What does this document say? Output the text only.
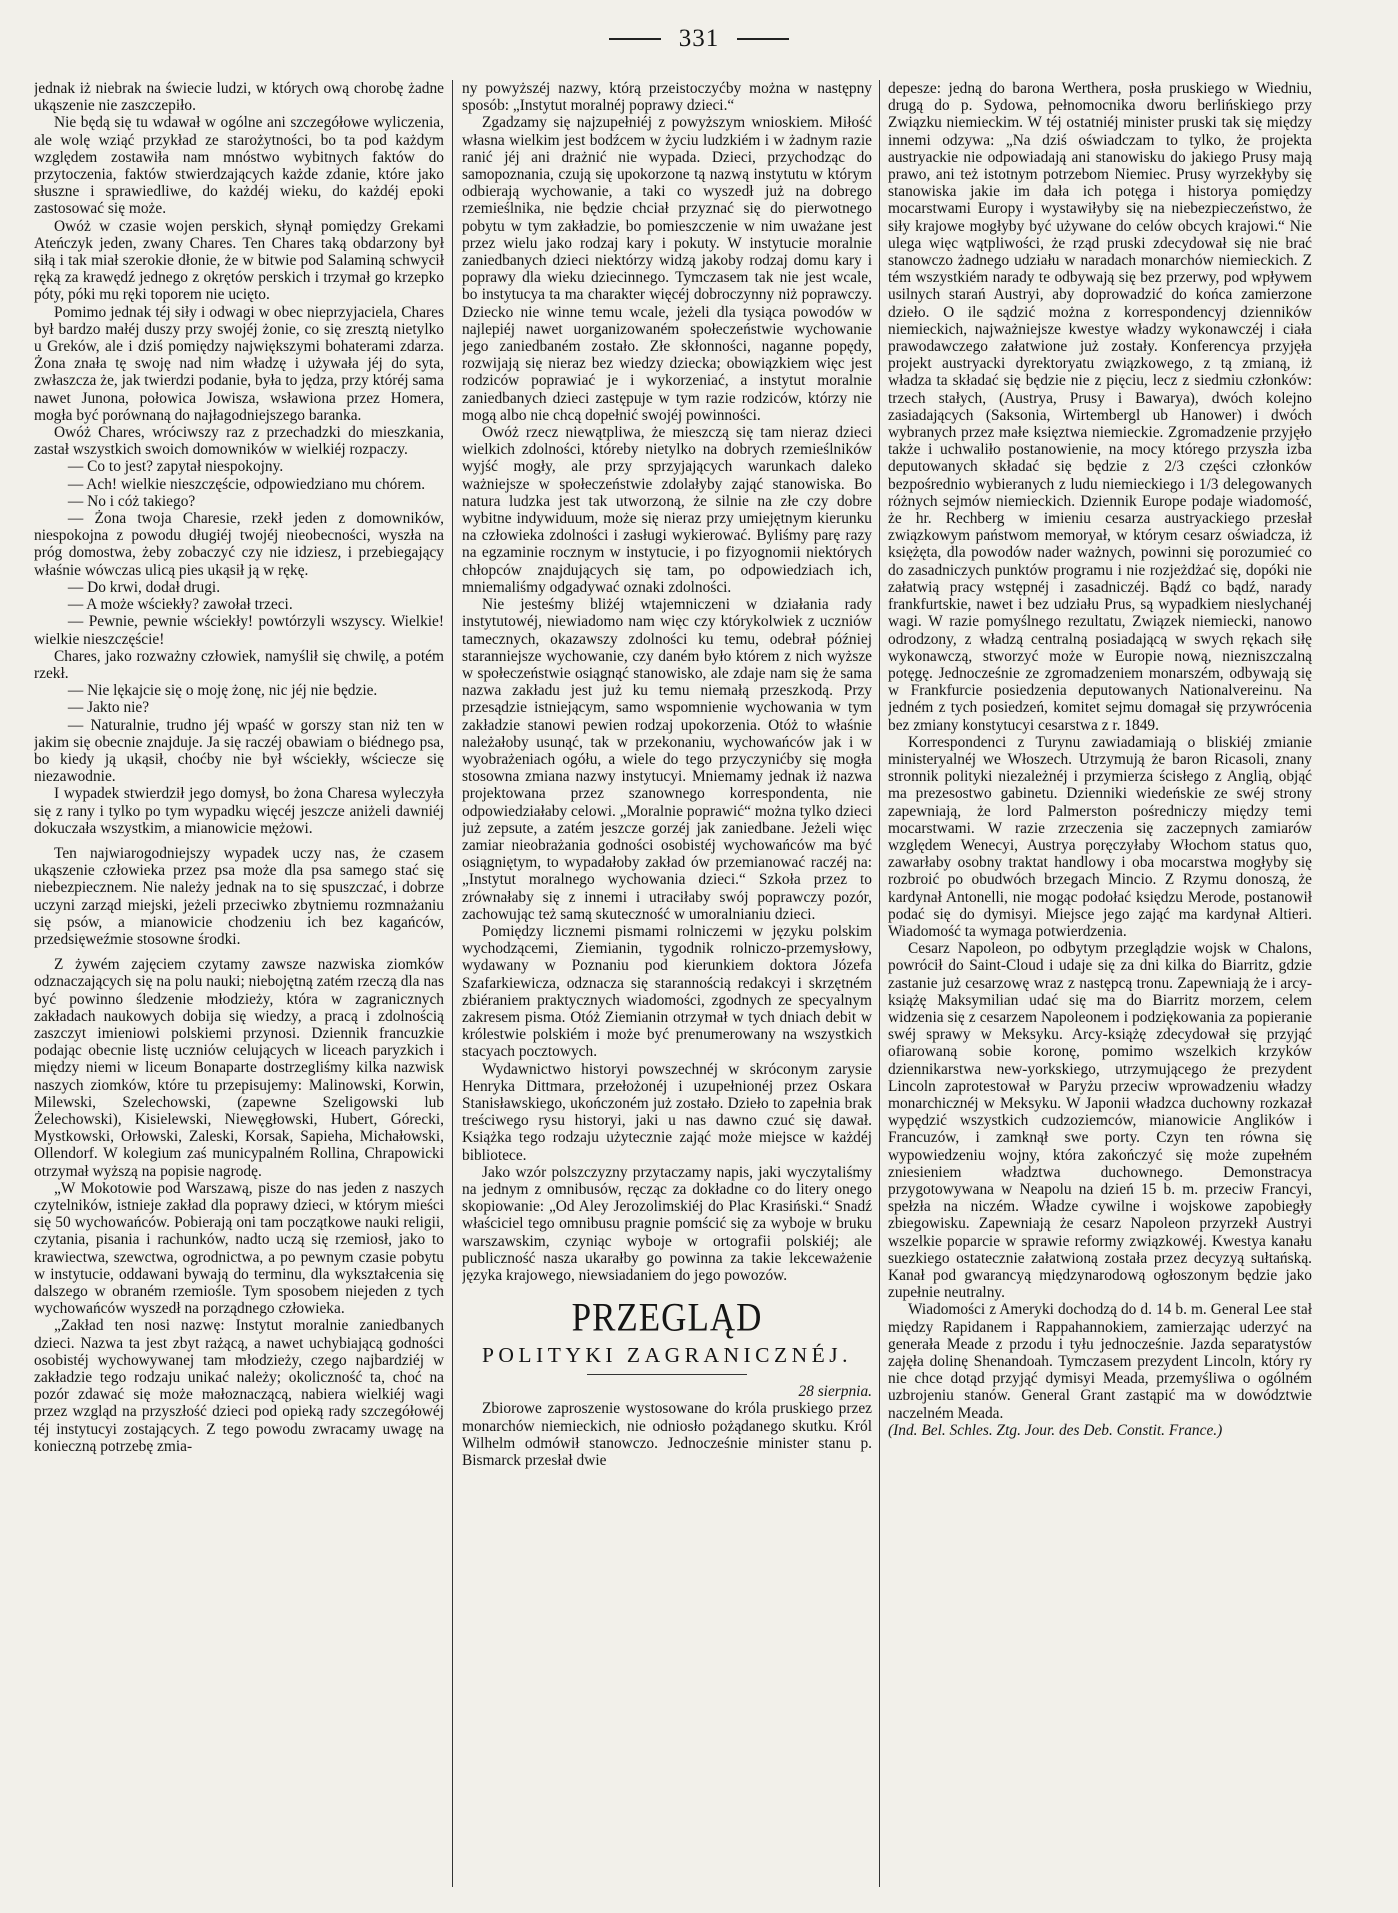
331

jednak iż niebrak na świecie ludzi, w których ową chorobę żadne ukąszenie nie zaszczepiło.

Nie będą się tu wdawał w ogólne ani szczegółowe wyliczenia, ale wolę wziąć przykład ze starożytności, bo ta pod każdym względem zostawiła nam mnóstwo wybitnych faktów do przytoczenia, faktów stwierdzających każde zdanie, które jako słuszne i sprawiedliwe, do każdéj wieku, do każdéj epoki zastosować się może.

Owóż w czasie wojen perskich, słynął pomiędzy Grekami Ateńczyk jeden, zwany Chares. Ten Chares taką obdarzony był siłą i tak miał szerokie dłonie, że w bitwie pod Salaminą schwycił ręką za krawędź jednego z okrętów perskich i trzymał go krzepko póty, póki mu ręki toporem nie ucięto.

Pomimo jednak téj siły i odwagi w obec nieprzyjaciela, Chares był bardzo małéj duszy przy swojéj żonie, co się zresztą nietylko u Greków, ale i dziś pomiędzy największymi bohaterami zdarza. Żona znała tę swoję nad nim władzę i używała jéj do syta, zwłaszcza że, jak twierdzi podanie, była to jędza, przy któréj sama nawet Junona, połowica Jowisza, wsławiona przez Homera, mogła być porównaną do najłagodniejszego baranka.

Owóż Chares, wróciwszy raz z przechadzki do mieszkania, zastał wszystkich swoich domowników w wielkiéj rozpaczy.

— Co to jest? zapytał niespokojny.

— Ach! wielkie nieszczęście, odpowiedziano mu chórem.

— No i cóż takiego?

— Żona twoja Charesie, rzekł jeden z domowników, niespokojna z powodu długiéj twojéj nieobecności, wyszła na próg domostwa, żeby zobaczyć czy nie idziesz, i przebiegający właśnie wówczas ulicą pies ukąsił ją w rękę.

— Do krwi, dodał drugi.

— A może wściekły? zawołał trzeci.

— Pewnie, pewnie wściekły! powtórzyli wszyscy. Wielkie! wielkie nieszczęście!

Chares, jako rozważny człowiek, namyślił się chwilę, a potém rzekł.

— Nie lękajcie się o moję żonę, nic jéj nie będzie.

— Jakto nie?

— Naturalnie, trudno jéj wpaść w gorszy stan niż ten w jakim się obecnie znajduje. Ja się raczéj obawiam o biédnego psa, bo kiedy ją ukąsił, choćby nie był wściekły, wściecze się niezawodnie.

I wypadek stwierdził jego domysł, bo żona Charesa wyleczyła się z rany i tylko po tym wypadku więcéj jeszcze aniżeli dawniéj dokuczała wszystkim, a mianowicie mężowi.

Ten najwiarogodniejszy wypadek uczy nas, że czasem ukąszenie człowieka przez psa może dla psa samego stać się niebezpiecznem. Nie należy jednak na to się spuszczać, i dobrze uczyni zarząd miejski, jeżeli przeciwko zbytniemu rozmnażaniu się psów, a mianowicie chodzeniu ich bez kagańców, przedsięweźmie stosowne środki.

Z żywém zajęciem czytamy zawsze nazwiska ziomków odznaczających się na polu nauki; niebojętną zatém rzeczą dla nas być powinno śledzenie młodzieży, która w zagranicznych zakładach naukowych dobija się wiedzy, a pracą i zdolnością zaszczyt imieniowi polskiemi przynosi. Dziennik francuzkie podając obecnie listę uczniów celujących w liceach paryzkich i między niemi w liceum Bonaparte dostrzegliśmy kilka nazwisk naszych ziomków, które tu przepisujemy: Malinowski, Korwin, Milewski, Szelechowski, (zapewne Szeligowski lub Żelechowski), Kisielewski, Niewęgłowski, Hubert, Górecki, Mystkowski, Orłowski, Zaleski, Korsak, Sapieha, Michałowski, Ollendorf. W kolegium zaś municypalném Rollina, Chrapowicki otrzymał wyższą na popisie nagrodę.

„W Mokotowie pod Warszawą, pisze do nas jeden z naszych czytelników, istnieje zakład dla poprawy dzieci, w którym mieści się 50 wychowańców. Pobierają oni tam początkowe nauki religii, czytania, pisania i rachunków, nadto uczą się rzemiosł, jako to krawiectwa, szewctwa, ogrodnictwa, a po pewnym czasie pobytu w instytucie, oddawani bywają do terminu, dla wykształcenia się dalszego w obraném rzemiośle. Tym sposobem niejeden z tych wychowańców wyszedł na porządnego człowieka.

„Zakład ten nosi nazwę: Instytut moralnie zaniedbanych dzieci. Nazwa ta jest zbyt rażącą, a nawet uchybiającą godności osobistéj wychowywanej tam młodzieży, czego najbardziéj w zakładzie tego rodzaju unikać należy; okoliczność ta, choć na pozór zdawać się może małoznaczącą, nabiera wielkiéj wagi przez wzgląd na przyszłość dzieci pod opieką rady szczegółowéj téj instytucyi zostających. Z tego powodu zwracamy uwagę na konieczną potrzebę zmia-

ny powyższéj nazwy, którą przeistoczyćby można w następny sposób: „Instytut moralnéj poprawy dzieci.“

Zgadzamy się najzupełniéj z powyższym wnioskiem. Miłość własna wielkim jest bodźcem w życiu ludzkiém i w żadnym razie ranić jéj ani drażnić nie wypada. Dzieci, przychodząc do samopoznania, czują się upokorzone tą nazwą instytutu w którym odbierają wychowanie, a taki co wyszedł już na dobrego rzemieślnika, nie będzie chciał przyznać się do pierwotnego pobytu w tym zakładzie, bo pomieszczenie w nim uważane jest przez wielu jako rodzaj kary i pokuty. W instytucie moralnie zaniedbanych dzieci niektórzy widzą jakoby rodzaj domu kary i poprawy dla wieku dziecinnego. Tymczasem tak nie jest wcale, bo instytucya ta ma charakter więcéj dobroczynny niż poprawczy. Dziecko nie winne temu wcale, jeżeli dla tysiąca powodów w najlepiéj nawet uorganizowaném społeczeństwie wychowanie jego zaniedbaném zostało. Złe skłonności, naganne popędy, rozwijają się nieraz bez wiedzy dziecka; obowiązkiem więc jest rodziców poprawiać je i wykorzeniać, a instytut moralnie zaniedbanych dzieci zastępuje w tym razie rodziców, którzy nie mogą albo nie chcą dopełnić swojéj powinności.

Owóż rzecz niewątpliwa, że mieszczą się tam nieraz dzieci wielkich zdolności, któreby nietylko na dobrych rzemieślników wyjść mogły, ale przy sprzyjających warunkach daleko ważniejsze w społeczeństwie zdolałyby zająć stanowiska. Bo natura ludzka jest tak utworzoną, że silnie na złe czy dobre wybitne indywiduum, może się nieraz przy umiejętnym kierunku na człowieka zdolności i zasługi wykierować. Byliśmy parę razy na egzaminie rocznym w instytucie, i po fizyognomii niektórych chłopców znajdujących się tam, po odpowiedziach ich, mniemaliśmy odgadywać oznaki zdolności.

Nie jesteśmy bliżéj wtajemniczeni w działania rady instytutowéj, niewiadomo nam więc czy którykolwiek z uczniów tamecznych, okazawszy zdolności ku temu, odebrał później staranniejsze wychowanie, czy daném było którem z nich wyższe w społeczeństwie osiągnąć stanowisko, ale zdaje nam się że sama nazwa zakładu jest już ku temu niemałą przeszkodą. Przy przesądzie istniejącym, samo wspomnienie wychowania w tym zakładzie stanowi pewien rodzaj upokorzenia. Otóż to właśnie należałoby usunąć, tak w przekonaniu, wychowańców jak i w wyobrażeniach ogółu, a wiele do tego przyczynićby się mogła stosowna zmiana nazwy instytucyi. Mniemamy jednak iż nazwa projektowana przez szanownego korrespondenta, nie odpowiedziałaby celowi. „Moralnie poprawić“ można tylko dzieci już zepsute, a zatém jeszcze gorzéj jak zaniedbane. Jeżeli więc zamiar nieobrażania godności osobistéj wychowańców ma być osiągniętym, to wypadałoby zakład ów przemianować raczéj na: „Instytut moralnego wychowania dzieci.“ Szkoła przez to zrównałaby się z innemi i utraciłaby swój poprawczy pozór, zachowując też samą skuteczność w umoralnianiu dzieci.

Pomiędzy licznemi pismami rolniczemi w języku polskim wychodzącemi, Ziemianin, tygodnik rolniczo-przemysłowy, wydawany w Poznaniu pod kierunkiem doktora Józefa Szafarkiewicza, odznacza się starannością redakcyi i skrzętném zbiéraniem praktycznych wiadomości, zgodnych ze specyalnym zakresem pisma. Otóż Ziemianin otrzymał w tych dniach debit w królestwie polskiém i może być prenumerowany na wszystkich stacyach pocztowych.

Wydawnictwo historyi powszechnéj w skróconym zarysie Henryka Dittmara, przełożonéj i uzupełnionéj przez Oskara Stanisławskiego, ukończoném już zostało. Dzieło to zapełnia brak treściwego rysu historyi, jaki u nas dawno czuć się dawał. Książka tego rodzaju użytecznie zająć może miejsce w każdéj bibliotece.

Jako wzór polszczyzny przytaczamy napis, jaki wyczytaliśmy na jednym z omnibusów, ręcząc za dokładne co do litery onego skopiowanie: „Od Aley Jerozolimskiéj do Plac Krasiński.“ Snadź właściciel tego omnibusu pragnie pomścić się za wyboje w bruku warszawskim, czyniąc wyboje w ortografii polskiéj; ale publiczność nasza ukarałby go powinna za takie lekceważenie języka krajowego, niewsiadaniem do jego powozów.

PRZEGLĄD
POLITYKI ZAGRANICZNÉJ.

28 sierpnia.

Zbiorowe zaproszenie wystosowane do króla pruskiego przez monarchów niemieckich, nie odniosło pożądanego skutku. Król Wilhelm odmówił stanowczo. Jednocześnie minister stanu p. Bismarck przesłał dwie

depesze: jedną do barona Werthera, posła pruskiego w Wiedniu, drugą do p. Sydowa, pełnomocnika dworu berlińskiego przy Związku niemieckim. W téj ostatniéj minister pruski tak się między innemi odzywa: „Na dziś oświadczam to tylko, że projekta austryackie nie odpowiadają ani stanowisku do jakiego Prusy mają prawo, ani też istotnym potrzebom Niemiec. Prusy wyrzekłyby się stanowiska jakie im dała ich potęga i historya pomiędzy mocarstwami Europy i wystawiłyby się na niebezpieczeństwo, że siły krajowe mogłyby być używane do celów obcych krajowi.“ Nie ulega więc wątpliwości, że rząd pruski zdecydował się nie brać stanowczo żadnego udziału w naradach monarchów niemieckich. Z tém wszystkiém narady te odbywają się bez przerwy, pod wpływem usilnych starań Austryi, aby doprowadzić do końca zamierzone dzieło. O ile sądzić można z korrespondencyj dzienników niemieckich, najważniejsze kwestye władzy wykonawczéj i ciała prawodawczego załatwione już zostały. Konferencya przyjęła projekt austryacki dyrektoryatu związkowego, z tą zmianą, iż władza ta składać się będzie nie z pięciu, lecz z siedmiu członków: trzech stałych, (Austrya, Prusy i Bawarya), dwóch kolejno zasiadających (Saksonia, Wirtembergl ub Hanower) i dwóch wybranych przez małe księztwa niemieckie. Zgromadzenie przyjęło także i uchwaliło postanowienie, na mocy którego przyszła izba deputowanych składać się będzie z 2/3 części członków bezpośrednio wybieranych z ludu niemieckiego i 1/3 delegowanych różnych sejmów niemieckich. Dziennik Europe podaje wiadomość, że hr. Rechberg w imieniu cesarza austryackiego przesłał związkowym państwom memoryał, w którym cesarz oświadcza, iż księżęta, dla powodów nader ważnych, powinni się porozumieć co do zasadniczych punktów programu i nie rozjeżdżać się, dopóki nie załatwią pracy wstępnéj i zasadniczéj. Bądź co bądź, narady frankfurtskie, nawet i bez udziału Prus, są wypadkiem nieslychanéj wagi. W razie pomyślnego rezultatu, Związek niemiecki, nanowo odrodzony, z władzą centralną posiadającą w swych rękach siłę wykonawczą, stworzyć może w Europie nową, niezniszczalną potęgę. Jednocześnie ze zgromadzeniem monarszém, odbywają się w Frankfurcie posiedzenia deputowanych Nationalvereinu. Na jedném z tych posiedzeń, komitet sejmu domagał się przywrócenia bez zmiany konstytucyi cesarstwa z r. 1849.

Korrespondenci z Turynu zawiadamiają o bliskiéj zmianie ministeryalnéj we Włoszech. Utrzymują że baron Ricasoli, znany stronnik polityki niezależnéj i przymierza ścisłego z Anglią, objąć ma prezesostwo gabinetu. Dzienniki wiedeńskie ze swéj strony zapewniają, że lord Palmerston pośredniczy między temi mocarstwami. W razie zrzeczenia się zaczepnych zamiarów względem Wenecyi, Austrya poręczyłaby Włochom status quo, zawarłaby osobny traktat handlowy i oba mocarstwa mogłyby się rozbroić po obudwóch brzegach Mincio. Z Rzymu donoszą, że kardynał Antonelli, nie mogąc podołać księdzu Merode, postanowił podać się do dymisyi. Miejsce jego zająć ma kardynał Altieri. Wiadomość ta wymaga potwierdzenia.

Cesarz Napoleon, po odbytym przeglądzie wojsk w Chalons, powrócił do Saint-Cloud i udaje się za dni kilka do Biarritz, gdzie zastanie już cesarzowę wraz z następcą tronu. Zapewniają że i arcy-książę Maksymilian udać się ma do Biarritz morzem, celem widzenia się z cesarzem Napoleonem i podziękowania za popieranie swéj sprawy w Meksyku. Arcy-książę zdecydował się przyjąć ofiarowaną sobie koronę, pomimo wszelkich krzyków dziennikarstwa new-yorkskiego, utrzymującego że prezydent Lincoln zaprotestował w Paryżu przeciw wprowadzeniu władzy monarchicznéj w Meksyku. W Japonii władzca duchowny rozkazał wypędzić wszystkich cudzoziemców, mianowicie Anglików i Francuzów, i zamknął swe porty. Czyn ten równa się wypowiedzeniu wojny, która zakończyć się może zupełném zniesieniem władztwa duchownego. Demonstracya przygotowywana w Neapolu na dzień 15 b. m. przeciw Francyi, spełzła na niczém. Władze cywilne i wojskowe zapobiegły zbiegowisku. Zapewniają że cesarz Napoleon przyrzekł Austryi wszelkie poparcie w sprawie reformy związkowéj. Kwestya kanału suezkiego ostatecznie załatwioną została przez decyzyą sułtańską. Kanał pod gwarancyą międzynarodową ogłoszonym będzie jako zupełnie neutralny.

Wiadomości z Ameryki dochodzą do d. 14 b. m. General Lee stał między Rapidanem i Rappahannokiem, zamierzając uderzyć na generała Meade z przodu i tyłu jednocześnie. Jazda separatystów zajęła dolinę Shenandoah. Tymczasem prezydent Lincoln, który ry nie chce dotąd przyjąć dymisyi Meada, przemyśliwa o ogólném uzbrojeniu stanów. General Grant zastąpić ma w dowództwie naczelném Meada.

(Ind. Bel. Schles. Ztg. Jour. des Deb. Constit. France.)
